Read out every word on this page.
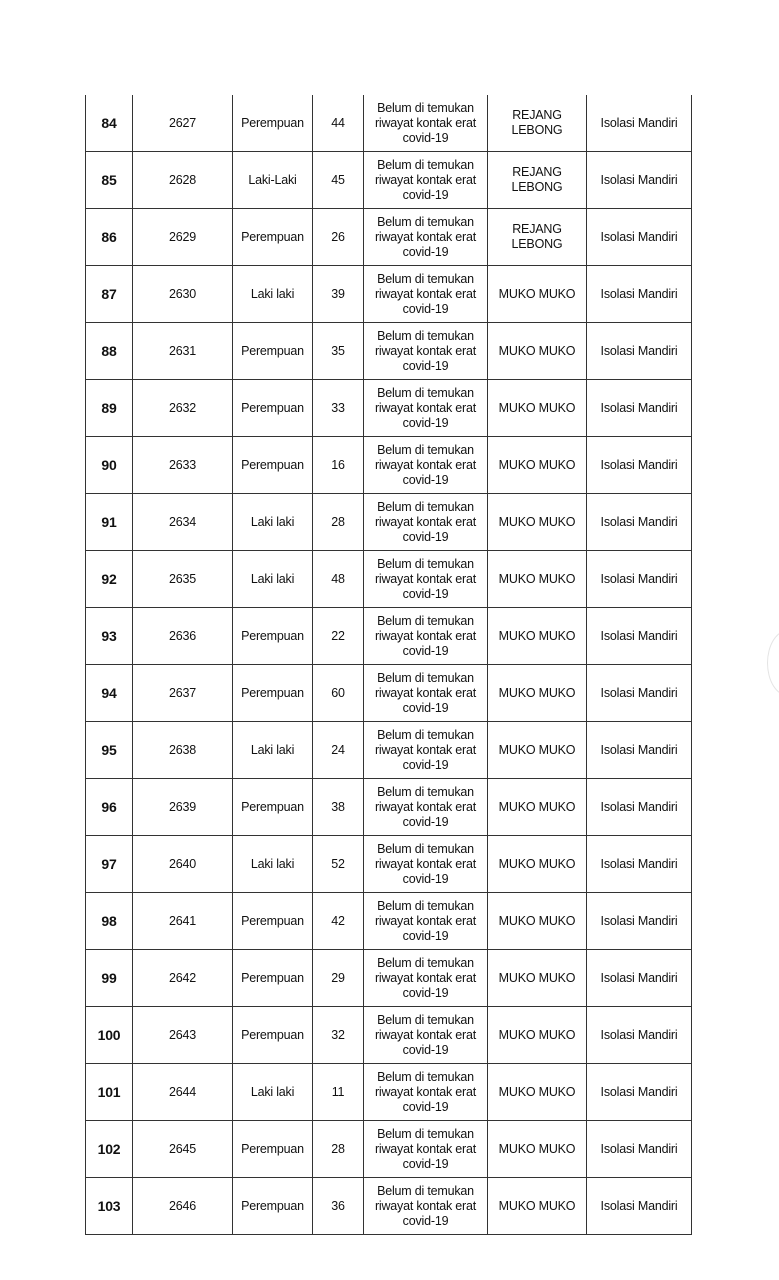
84	2627	Perempuan	44	Belum di temukan
riwayat kontak erat
covid-19	REJANG
LEBONG	Isolasi Mandiri
85	2628	Laki-Laki	45	Belum di temukan
riwayat kontak erat
covid-19	REJANG
LEBONG	Isolasi Mandiri
86	2629	Perempuan	26	Belum di temukan
riwayat kontak erat
covid-19	REJANG
LEBONG	Isolasi Mandiri
87	2630	Laki laki	39	Belum di temukan
riwayat kontak erat
covid-19	MUKO MUKO	Isolasi Mandiri
88	2631	Perempuan	35	Belum di temukan
riwayat kontak erat
covid-19	MUKO MUKO	Isolasi Mandiri
89	2632	Perempuan	33	Belum di temukan
riwayat kontak erat
covid-19	MUKO MUKO	Isolasi Mandiri
90	2633	Perempuan	16	Belum di temukan
riwayat kontak erat
covid-19	MUKO MUKO	Isolasi Mandiri
91	2634	Laki laki	28	Belum di temukan
riwayat kontak erat
covid-19	MUKO MUKO	Isolasi Mandiri
92	2635	Laki laki	48	Belum di temukan
riwayat kontak erat
covid-19	MUKO MUKO	Isolasi Mandiri
93	2636	Perempuan	22	Belum di temukan
riwayat kontak erat
covid-19	MUKO MUKO	Isolasi Mandiri
94	2637	Perempuan	60	Belum di temukan
riwayat kontak erat
covid-19	MUKO MUKO	Isolasi Mandiri
95	2638	Laki laki	24	Belum di temukan
riwayat kontak erat
covid-19	MUKO MUKO	Isolasi Mandiri
96	2639	Perempuan	38	Belum di temukan
riwayat kontak erat
covid-19	MUKO MUKO	Isolasi Mandiri
97	2640	Laki laki	52	Belum di temukan
riwayat kontak erat
covid-19	MUKO MUKO	Isolasi Mandiri
98	2641	Perempuan	42	Belum di temukan
riwayat kontak erat
covid-19	MUKO MUKO	Isolasi Mandiri
99	2642	Perempuan	29	Belum di temukan
riwayat kontak erat
covid-19	MUKO MUKO	Isolasi Mandiri
100	2643	Perempuan	32	Belum di temukan
riwayat kontak erat
covid-19	MUKO MUKO	Isolasi Mandiri
101	2644	Laki laki	11	Belum di temukan
riwayat kontak erat
covid-19	MUKO MUKO	Isolasi Mandiri
102	2645	Perempuan	28	Belum di temukan
riwayat kontak erat
covid-19	MUKO MUKO	Isolasi Mandiri
103	2646	Perempuan	36	Belum di temukan
riwayat kontak erat
covid-19	MUKO MUKO	Isolasi Mandiri
